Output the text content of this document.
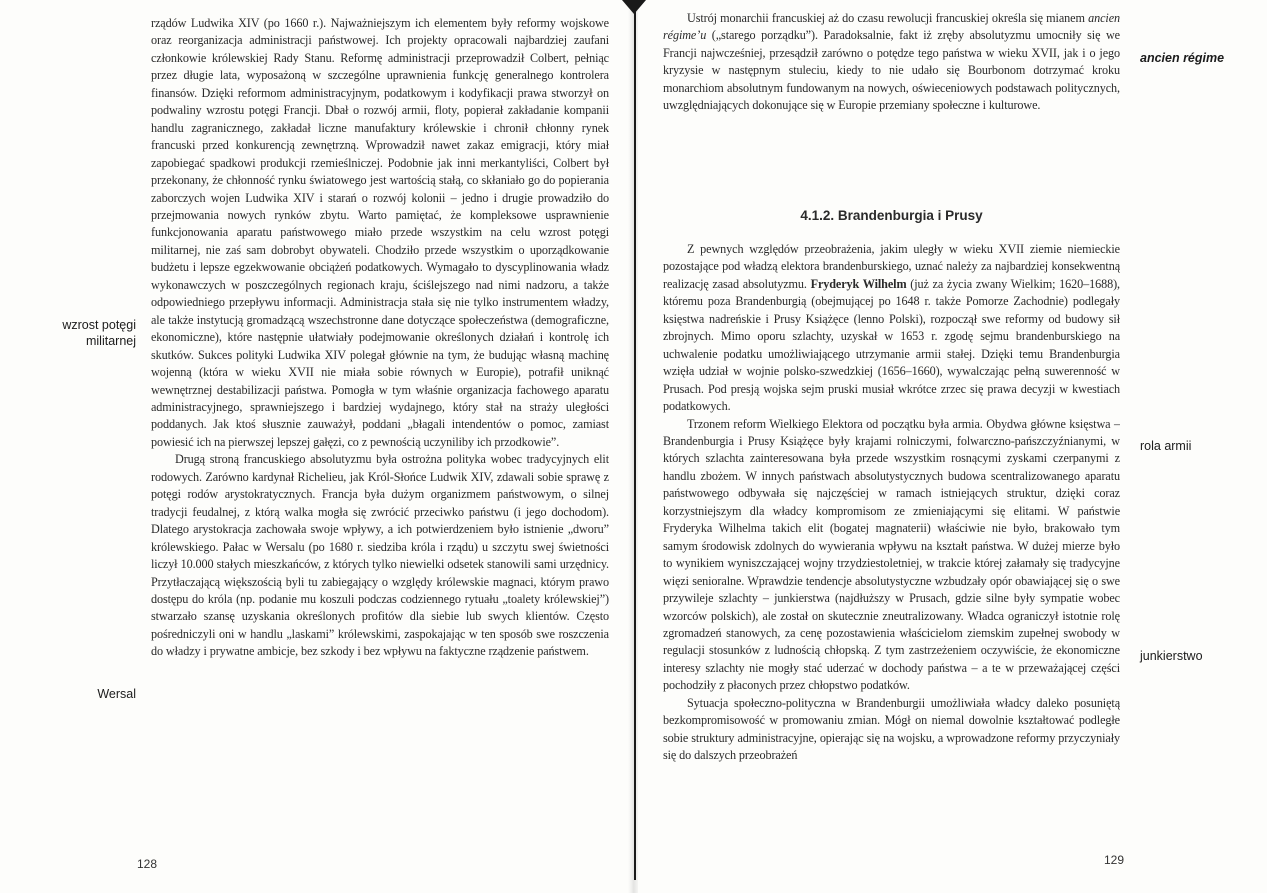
rządów Ludwika XIV (po 1660 r.). Najważniejszym ich elementem były reformy wojskowe oraz reorganizacja administracji państwowej. Ich projekty opracowali najbardziej zaufani członkowie królewskiej Rady Stanu. Reformę administracji przeprowadził Colbert, pełniąc przez długie lata, wyposażoną w szczególne uprawnienia funkcję generalnego kontrolera finansów. Dzięki reformom administracyjnym, podatkowym i kodyfikacji prawa stworzył on podwaliny wzrostu potęgi Francji. Dbał o rozwój armii, floty, popierał zakładanie kompanii handlu zagranicznego, zakładał liczne manufaktury królewskie i chronił chłonny rynek francuski przed konkurencją zewnętrzną. Wprowadził nawet zakaz emigracji, który miał zapobiegać spadkowi produkcji rzemieślniczej. Podobnie jak inni merkantyliści, Colbert był przekonany, że chłonność rynku światowego jest wartością stałą, co skłaniało go do popierania zaborczych wojen Ludwika XIV i starań o rozwój kolonii – jedno i drugie prowadziło do przejmowania nowych rynków zbytu. Warto pamiętać, że kompleksowe usprawnienie funkcjonowania aparatu państwowego miało przede wszystkim na celu wzrost potęgi militarnej, nie zaś sam dobrobyt obywateli. Chodziło przede wszystkim o uporządkowanie budżetu i lepsze egzekwowanie obciążeń podatkowych. Wymagało to dyscyplinowania władz wykonawczych w poszczególnych regionach kraju, ściślejszego nad nimi nadzoru, a także odpowiedniego przepływu informacji. Administracja stała się nie tylko instrumentem władzy, ale także instytucją gromadzącą wszechstronne dane dotyczące społeczeństwa (demograficzne, ekonomiczne), które następnie ułatwiały podejmowanie określonych działań i kontrolę ich skutków. Sukces polityki Ludwika XIV polegał głównie na tym, że budując własną machinę wojenną (która w wieku XVII nie miała sobie równych w Europie), potrafił uniknąć wewnętrznej destabilizacji państwa. Pomogła w tym właśnie organizacja fachowego aparatu administracyjnego, sprawniejszego i bardziej wydajnego, który stał na straży uległości poddanych. Jak ktoś słusznie zauważył, poddani „błagali intendentów o pomoc, zamiast powiesić ich na pierwszej lepszej gałęzi, co z pewnością uczyniliby ich przodkowie”.

Drugą stroną francuskiego absolutyzmu była ostrożna polityka wobec tradycyjnych elit rodowych. Zarówno kardynał Richelieu, jak Król-Słońce Ludwik XIV, zdawali sobie sprawę z potęgi rodów arystokratycznych. Francja była dużym organizmem państwowym, o silnej tradycji feudalnej, z którą walka mogła się zwrócić przeciwko państwu (i jego dochodom). Dlatego arystokracja zachowała swoje wpływy, a ich potwierdzeniem było istnienie „dworu” królewskiego. Pałac w Wersalu (po 1680 r. siedziba króla i rządu) u szczytu swej świetności liczył 10.000 stałych mieszkańców, z których tylko niewielki odsetek stanowili sami urzędnicy. Przytłaczającą większością byli tu zabiegający o względy królewskie magnaci, którym prawo dostępu do króla (np. podanie mu koszuli podczas codziennego rytuału „toalety królewskiej”) stwarzało szansę uzyskania określonych profitów dla siebie lub swych klientów. Często pośredniczyli oni w handlu „laskami” królewskimi, zaspokajając w ten sposób swe roszczenia do władzy i prywatne ambicje, bez szkody i bez wpływu na faktyczne rządzenie państwem.

wzrost potęgi militarnej
Wersal
128

Ustrój monarchii francuskiej aż do czasu rewolucji francuskiej określa się mianem ancien régime’u („starego porządku”). Paradoksalnie, fakt iż zręby absolutyzmu umocniły się we Francji najwcześniej, przesądził zarówno o potędze tego państwa w wieku XVII, jak i o jego kryzysie w następnym stuleciu, kiedy to nie udało się Bourbonom dotrzymać kroku monarchiom absolutnym fundowanym na nowych, oświeceniowych podstawach politycznych, uwzględniających dokonujące się w Europie przemiany społeczne i kulturowe.

4.1.2. Brandenburgia i Prusy

Z pewnych względów przeobrażenia, jakim uległy w wieku XVII ziemie niemieckie pozostające pod władzą elektora brandenburskiego, uznać należy za najbardziej konsekwentną realizację zasad absolutyzmu. Fryderyk Wilhelm (już za życia zwany Wielkim; 1620–1688), któremu poza Brandenburgią (obejmującej po 1648 r. także Pomorze Zachodnie) podlegały księstwa nadreńskie i Prusy Książęce (lenno Polski), rozpoczął swe reformy od budowy sił zbrojnych. Mimo oporu szlachty, uzyskał w 1653 r. zgodę sejmu brandenburskiego na uchwalenie podatku umożliwiającego utrzymanie armii stałej. Dzięki temu Brandenburgia wzięła udział w wojnie polsko-szwedzkiej (1656–1660), wywalczając pełną suwerenność w Prusach. Pod presją wojska sejm pruski musiał wkrótce zrzec się prawa decyzji w kwestiach podatkowych.

Trzonem reform Wielkiego Elektora od początku była armia. Obydwa główne księstwa – Brandenburgia i Prusy Książęce były krajami rolniczymi, folwarczno-pańszczyźnianymi, w których szlachta zainteresowana była przede wszystkim rosnącymi zyskami czerpanymi z handlu zbożem. W innych państwach absolutystycznych budowa scentralizowanego aparatu państwowego odbywała się najczęściej w ramach istniejących struktur, dzięki coraz korzystniejszym dla władcy kompromisom ze zmieniającymi się elitami. W państwie Fryderyka Wilhelma takich elit (bogatej magnaterii) właściwie nie było, brakowało tym samym środowisk zdolnych do wywierania wpływu na kształt państwa. W dużej mierze było to wynikiem wyniszczającej wojny trzydziestoletniej, w trakcie której załamały się tradycyjne więzi senioralne. Wprawdzie tendencje absolutystyczne wzbudzały opór obawiającej się o swe przywileje szlachty – junkierstwa (najdłuższy w Prusach, gdzie silne były sympatie wobec wzorców polskich), ale został on skutecznie zneutralizowany. Władca ograniczył istotnie rolę zgromadzeń stanowych, za cenę pozostawienia właścicielom ziemskim zupełnej swobody w regulacji stosunków z ludnością chłopską. Z tym zastrzeżeniem oczywiście, że ekonomiczne interesy szlachty nie mogły stać uderzać w dochody państwa – a te w przeważającej części pochodziły z płaconych przez chłopstwo podatków.

Sytuacja społeczno-polityczna w Brandenburgii umożliwiała władcy daleko posuniętą bezkompromisowość w promowaniu zmian. Mógł on niemal dowolnie kształtować podległe sobie struktury administracyjne, opierając się na wojsku, a wprowadzone reformy przyczyniały się do dalszych przeobrażeń

ancien régime
rola armii
junkierstwo
129
